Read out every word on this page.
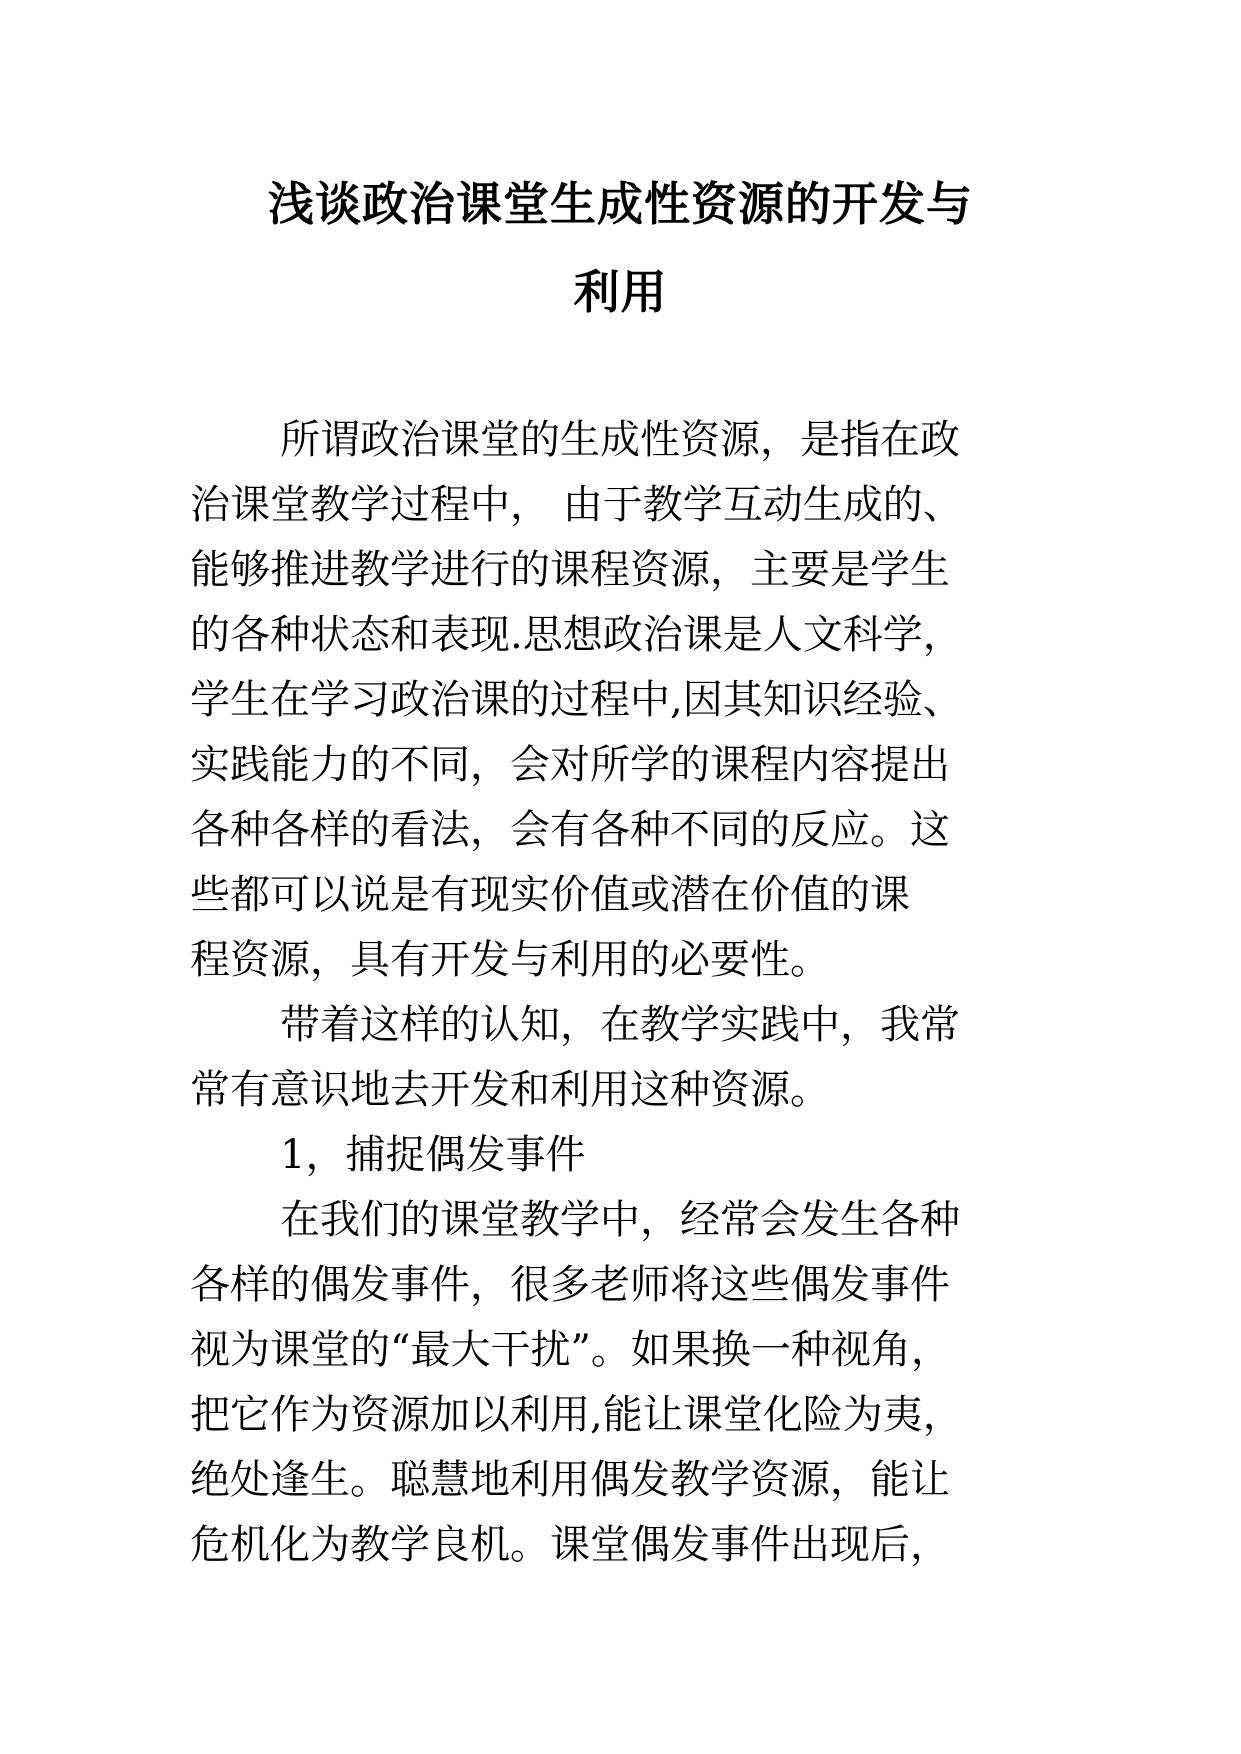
浅谈政治课堂生成性资源的开发与
利用
所谓政治课堂的生成性资源，是指在政
治课堂教学过程中， 由于教学互动生成的、
能够推进教学进行的课程资源，主要是学生
的各种状态和表现.思想政治课是人文科学，
学生在学习政治课的过程中,因其知识经验、
实践能力的不同，会对所学的课程内容提出
各种各样的看法，会有各种不同的反应。这
些都可以说是有现实价值或潜在价值的课
程资源，具有开发与利用的必要性。
带着这样的认知，在教学实践中，我常
常有意识地去开发和利用这种资源。
1，捕捉偶发事件
在我们的课堂教学中，经常会发生各种
各样的偶发事件，很多老师将这些偶发事件
视为课堂的“最大干扰”。如果换一种视角，
把它作为资源加以利用,能让课堂化险为夷，
绝处逢生。聪慧地利用偶发教学资源，能让
危机化为教学良机。课堂偶发事件出现后，
